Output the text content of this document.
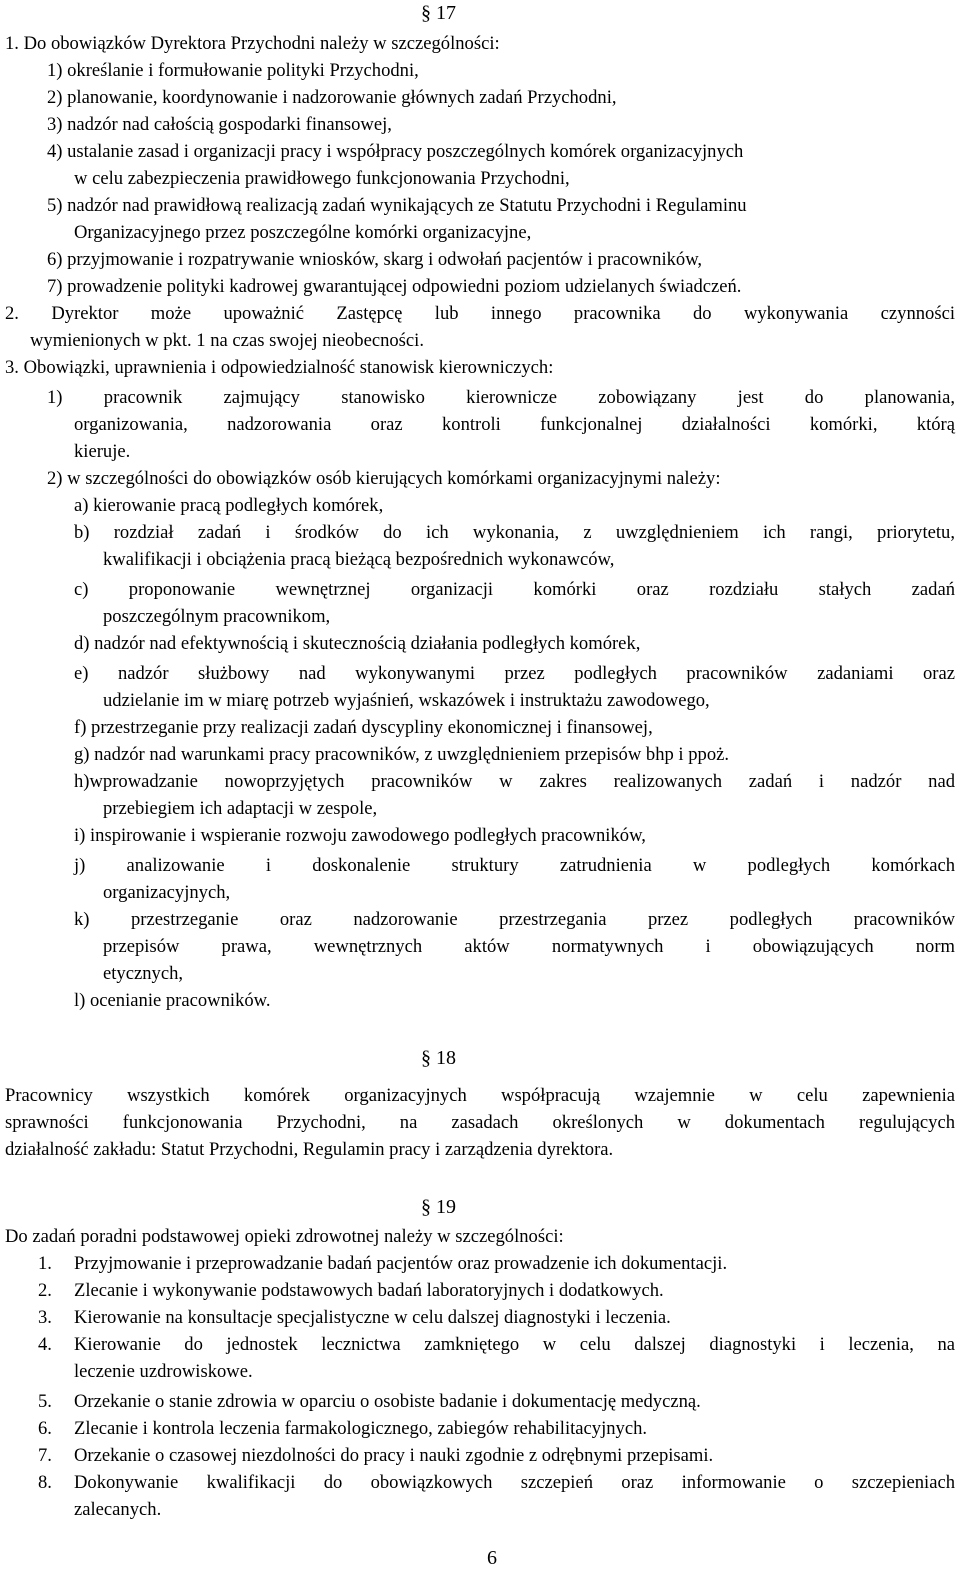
§ 17
1. Do obowiązków Dyrektora Przychodni należy w szczególności:
1) określanie i formułowanie polityki Przychodni,
2) planowanie, koordynowanie i nadzorowanie głównych zadań Przychodni,
3) nadzór nad całością gospodarki finansowej,
4) ustalanie zasad i organizacji pracy i współpracy poszczególnych komórek organizacyjnych
w celu zabezpieczenia prawidłowego funkcjonowania Przychodni,
5) nadzór nad prawidłową realizacją zadań wynikających ze Statutu Przychodni i Regulaminu
Organizacyjnego przez poszczególne komórki organizacyjne,
6) przyjmowanie i rozpatrywanie wniosków, skarg i odwołań pacjentów i pracowników,
7) prowadzenie polityki kadrowej gwarantującej odpowiedni poziom udzielanych świadczeń.
2. Dyrektor może upoważnić Zastępcę lub innego pracownika do wykonywania czynności
wymienionych w pkt. 1 na czas swojej nieobecności.
3. Obowiązki, uprawnienia i odpowiedzialność stanowisk kierowniczych:
1) pracownik zajmujący stanowisko kierownicze zobowiązany jest do planowania,
organizowania, nadzorowania oraz kontroli funkcjonalnej działalności komórki, którą
kieruje.
2) w szczególności do obowiązków osób kierujących komórkami organizacyjnymi należy:
a) kierowanie pracą podległych komórek,
b) rozdział zadań i środków do ich wykonania, z uwzględnieniem ich rangi, priorytetu,
kwalifikacji i obciążenia pracą bieżącą bezpośrednich wykonawców,
c) proponowanie wewnętrznej organizacji komórki oraz rozdziału stałych zadań
poszczególnym pracownikom,
d) nadzór nad efektywnością i skutecznością działania podległych komórek,
e) nadzór służbowy nad wykonywanymi przez podległych pracowników zadaniami oraz
udzielanie im w miarę potrzeb wyjaśnień, wskazówek i instruktażu zawodowego,
f) przestrzeganie przy realizacji zadań dyscypliny ekonomicznej i finansowej,
g) nadzór nad warunkami pracy pracowników, z uwzględnieniem przepisów bhp i ppoż.
h)wprowadzanie nowoprzyjętych pracowników w zakres realizowanych zadań i nadzór nad
przebiegiem ich adaptacji w zespole,
i) inspirowanie i wspieranie rozwoju zawodowego podległych pracowników,
j) analizowanie i doskonalenie struktury zatrudnienia w podległych komórkach
organizacyjnych,
k) przestrzeganie oraz nadzorowanie przestrzegania przez podległych pracowników
przepisów prawa, wewnętrznych aktów normatywnych i obowiązujących norm
etycznych,
l) ocenianie pracowników.
§ 18
Pracownicy wszystkich komórek organizacyjnych współpracują wzajemnie w celu zapewnienia
sprawności funkcjonowania Przychodni, na zasadach określonych w dokumentach regulujących
działalność zakładu: Statut Przychodni, Regulamin pracy i zarządzenia dyrektora.
§ 19
Do zadań poradni podstawowej opieki zdrowotnej należy w szczególności:
1. Przyjmowanie i przeprowadzanie badań pacjentów oraz prowadzenie ich dokumentacji.
2. Zlecanie i wykonywanie podstawowych badań laboratoryjnych i dodatkowych.
3. Kierowanie na konsultacje specjalistyczne w celu dalszej diagnostyki i leczenia.
4. Kierowanie do jednostek lecznictwa zamkniętego w celu dalszej diagnostyki i leczenia, na
leczenie uzdrowiskowe.
5. Orzekanie o stanie zdrowia w oparciu o osobiste badanie i dokumentację medyczną.
6. Zlecanie i kontrola leczenia farmakologicznego, zabiegów rehabilitacyjnych.
7. Orzekanie o czasowej niezdolności do pracy i nauki zgodnie z odrębnymi przepisami.
8. Dokonywanie kwalifikacji do obowiązkowych szczepień oraz informowanie o szczepieniach
zalecanych.
6
